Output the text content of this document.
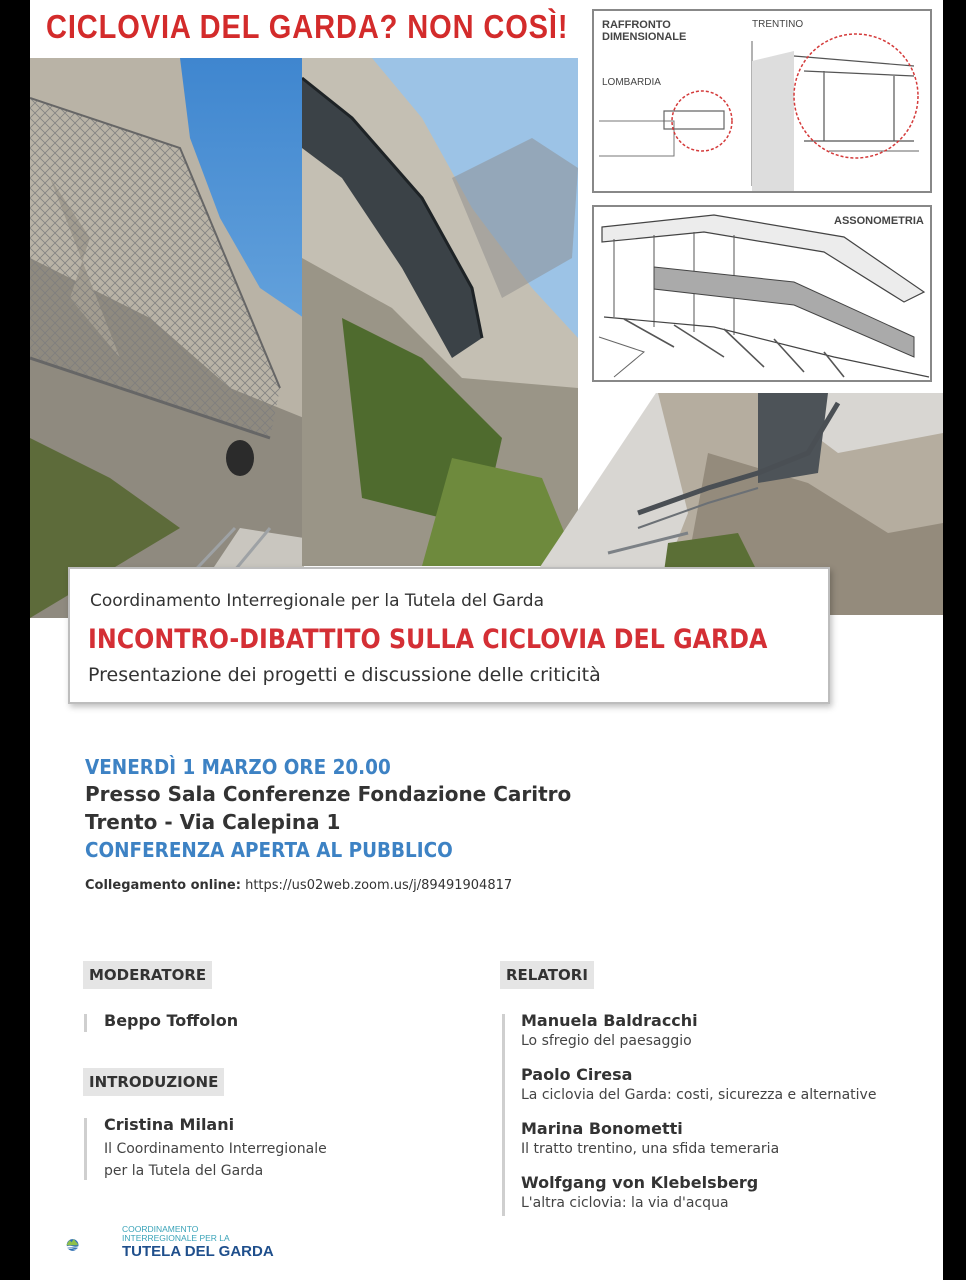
CICLOVIA DEL GARDA? NON COSÌ!	RAFFRONTO
DIMENSIONALE
TRENTINO
LOMBARDIA
ASSONOMETRIA
Coordinamento Interregionale per la Tutela del Garda
INCONTRO-DIBATTITO SULLA CICLOVIA DEL GARDA
Presentazione dei progetti e discussione delle criticità
VENERDÌ 1 MARZO ORE 20.00
Presso Sala Conferenze Fondazione Caritro
Trento - Via Calepina 1
CONFERENZA APERTA AL PUBBLICO
Collegamento online: https://us02web.zoom.us/j/89491904817
MODERATORE
Beppo Toffolon
INTRODUZIONE
Cristina Milani
Il Coordinamento Interregionale
per la Tutela del Garda
RELATORI
Manuela Baldracchi
Lo sfregio del paesaggio
Paolo Ciresa
La ciclovia del Garda: costi, sicurezza e alternative
Marina Bonometti
Il tratto trentino, una sfida temeraria
Wolfgang von Klebelsberg
L'altra ciclovia: la via d'acqua
COORDINAMENTO
INTERREGIONALE PER LA
TUTELA DEL GARDA
